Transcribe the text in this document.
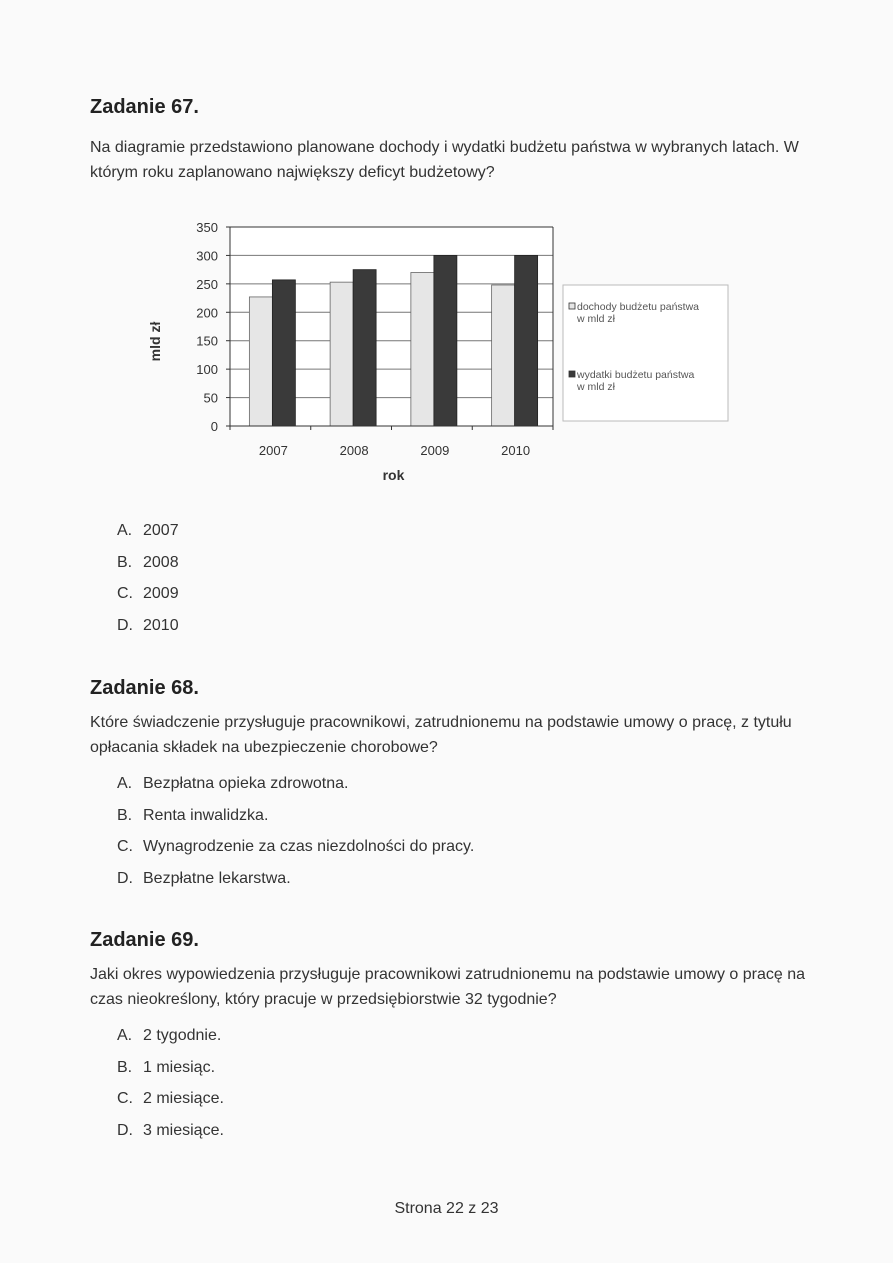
Zadanie 67.

Na diagramie przedstawiono planowane dochody i wydatki budżetu państwa w wybranych latach. W którym roku zaplanowano największy deficyt budżetowy?

0
50
100
150
200
250
300
350
2007	2008	2009	2010
rok
mld zł
dochody budżetu państwa
w mld zł
wydatki budżetu państwa
w mld zł
A. 2007
B. 2008
C. 2009
D. 2010
Zadanie 68.

Które świadczenie przysługuje pracownikowi, zatrudnionemu na podstawie umowy o pracę, z tytułu opłacania składek na ubezpieczenie chorobowe?

A. Bezpłatna opieka zdrowotna.
B. Renta inwalidzka.
C. Wynagrodzenie za czas niezdolności do pracy.
D. Bezpłatne lekarstwa.
Zadanie 69.

Jaki okres wypowiedzenia przysługuje pracownikowi zatrudnionemu na podstawie umowy o pracę na czas nieokreślony, który pracuje w przedsiębiorstwie 32 tygodnie?

A. 2 tygodnie.
B. 1 miesiąc.
C. 2 miesiące.
D. 3 miesiące.
Strona 22 z 23
